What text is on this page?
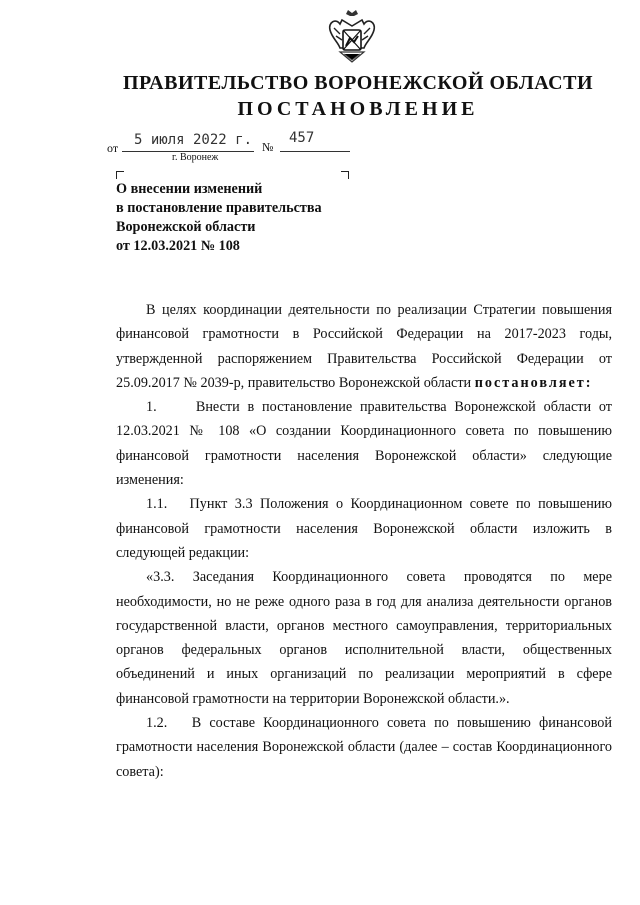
ПРАВИТЕЛЬСТВО ВОРОНЕЖСКОЙ ОБЛАСТИ
ПОСТАНОВЛЕНИЕ
от 5 июля 2022 г. №
457
г. Воронеж
О внесении изменений
в постановление правительства
Воронежской области
от 12.03.2021 № 108

В целях координации деятельности по реализации Стратегии повышения финансовой грамотности в Российской Федерации на 2017-2023 годы, утвержденной распоряжением Правительства Российской Федерации от 25.09.2017 № 2039-р, правительство Воронежской области постановляет:

1.     Внести в постановление правительства Воронежской области от 12.03.2021 № 108 «О создании Координационного совета по повышению финансовой грамотности населения Воронежской области» следующие изменения:

1.1.   Пункт 3.3 Положения о Координационном совете по повышению финансовой грамотности населения Воронежской области изложить в следующей редакции:

«3.3. Заседания Координационного совета проводятся по мере необходимости, но не реже одного раза в год для анализа деятельности органов государственной власти, органов местного самоуправления, территориальных органов федеральных органов исполнительной власти, общественных объединений и иных организаций по реализации мероприятий в сфере финансовой грамотности на территории Воронежской области.».

1.2.   В составе Координационного совета по повышению финансовой грамотности населения Воронежской области (далее – состав Координационного совета):
